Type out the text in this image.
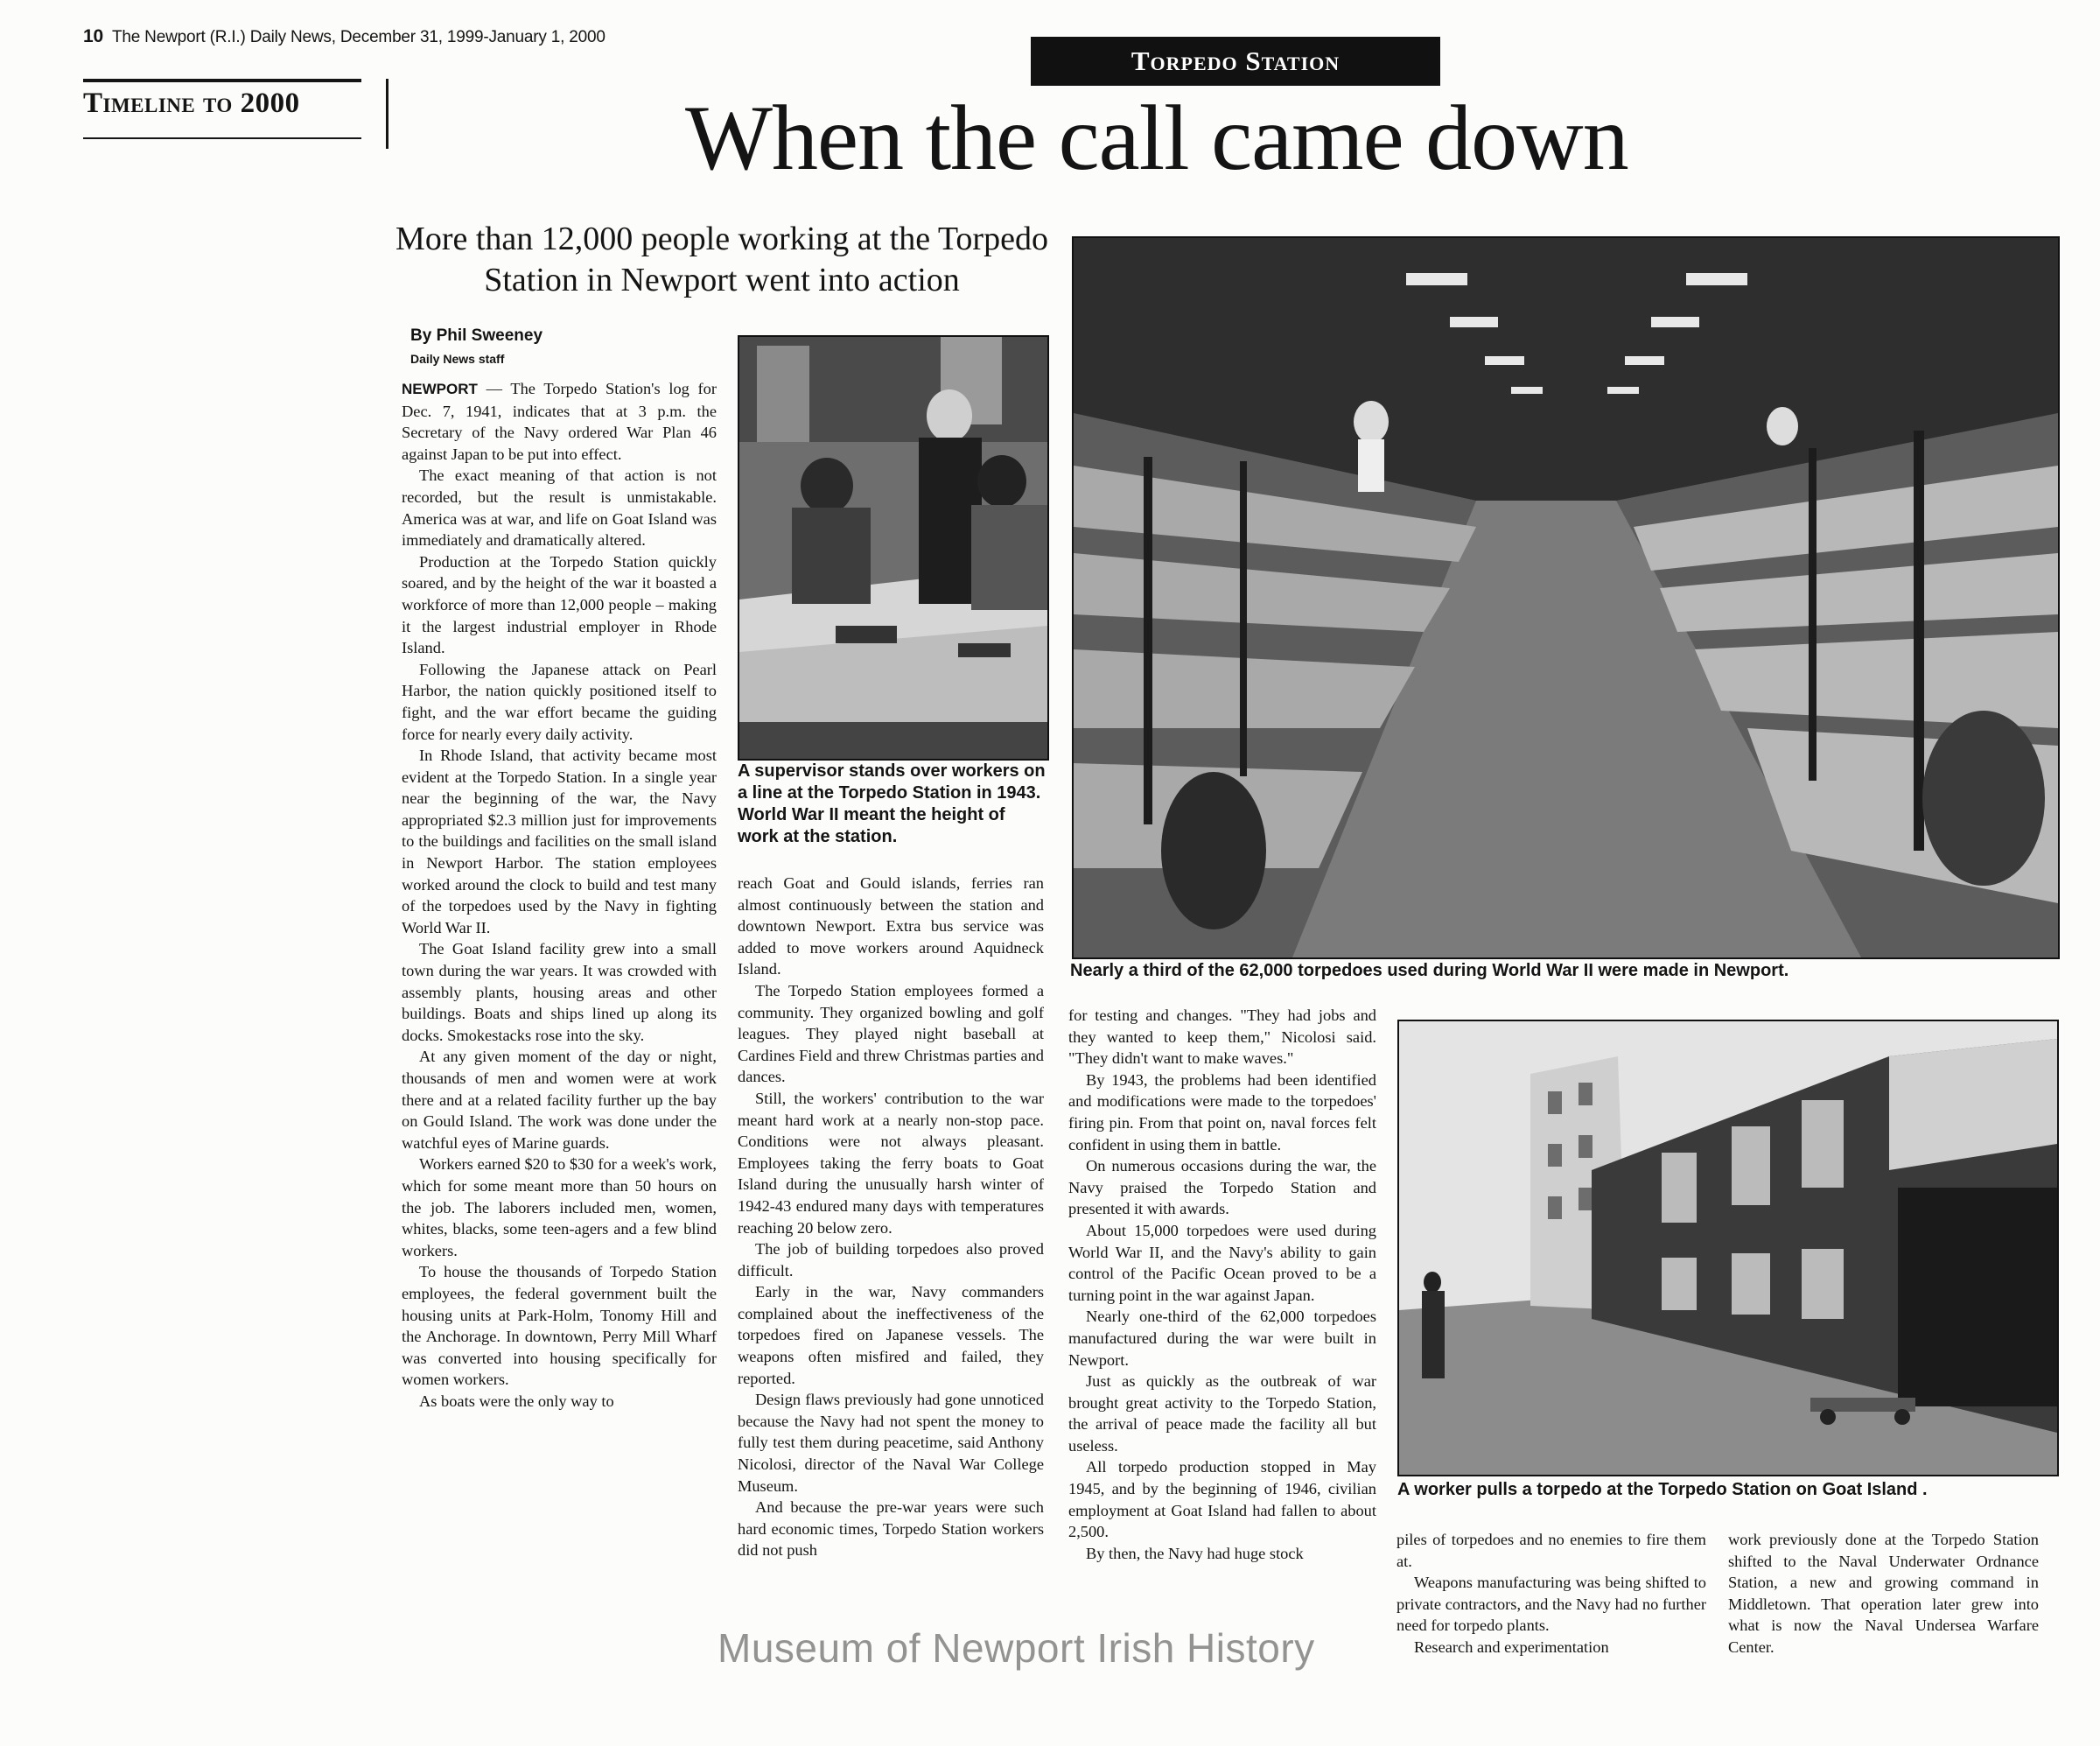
10 The Newport (R.I.) Daily News, December 31, 1999-January 1, 2000
Timeline to 2000
Torpedo Station
When the call came down
More than 12,000 people working at the Torpedo Station in Newport went into action
By Phil Sweeney
Daily News staff

NEWPORT — The Torpedo Station's log for Dec. 7, 1941, indicates that at 3 p.m. the Secretary of the Navy ordered War Plan 46 against Japan to be put into effect.

The exact meaning of that action is not recorded, but the result is unmistakable. America was at war, and life on Goat Island was immediately and dramatically altered.

Production at the Torpedo Station quickly soared, and by the height of the war it boasted a workforce of more than 12,000 people – making it the largest industrial employer in Rhode Island.

Following the Japanese attack on Pearl Harbor, the nation quickly positioned itself to fight, and the war effort became the guiding force for nearly every daily activity.

In Rhode Island, that activity became most evident at the Torpedo Station. In a single year near the beginning of the war, the Navy appropriated $2.3 million just for improvements to the buildings and facilities on the small island in Newport Harbor. The station employees worked around the clock to build and test many of the torpedoes used by the Navy in fighting World War II.

The Goat Island facility grew into a small town during the war years. It was crowded with assembly plants, housing areas and other buildings. Boats and ships lined up along its docks. Smokestacks rose into the sky.

At any given moment of the day or night, thousands of men and women were at work there and at a related facility further up the bay on Gould Island. The work was done under the watchful eyes of Marine guards.

Workers earned $20 to $30 for a week's work, which for some meant more than 50 hours on the job. The laborers included men, women, whites, blacks, some teen-agers and a few blind workers.

To house the thousands of Torpedo Station employees, the federal government built the housing units at Park-Holm, Tonomy Hill and the Anchorage. In downtown, Perry Mill Wharf was converted into housing specifically for women workers.

As boats were the only way to

A supervisor stands over workers on a line at the Torpedo Station in 1943. World War II meant the height of work at the station.
Nearly a third of the 62,000 torpedoes used during World War II were made in Newport.

reach Goat and Gould islands, ferries ran almost continuously between the station and downtown Newport. Extra bus service was added to move workers around Aquidneck Island.

The Torpedo Station employees formed a community. They organized bowling and golf leagues. They played night baseball at Cardines Field and threw Christmas parties and dances.

Still, the workers' contribution to the war meant hard work at a nearly non-stop pace. Conditions were not always pleasant. Employees taking the ferry boats to Goat Island during the unusually harsh winter of 1942-43 endured many days with temperatures reaching 20 below zero.

The job of building torpedoes also proved difficult.

Early in the war, Navy commanders complained about the ineffectiveness of the torpedoes fired on Japanese vessels. The weapons often misfired and failed, they reported.

Design flaws previously had gone unnoticed because the Navy had not spent the money to fully test them during peacetime, said Anthony Nicolosi, director of the Naval War College Museum.

And because the pre-war years were such hard economic times, Torpedo Station workers did not push

for testing and changes. "They had jobs and they wanted to keep them," Nicolosi said. "They didn't want to make waves."

By 1943, the problems had been identified and modifications were made to the torpedoes' firing pin. From that point on, naval forces felt confident in using them in battle.

On numerous occasions during the war, the Navy praised the Torpedo Station and presented it with awards.

About 15,000 torpedoes were used during World War II, and the Navy's ability to gain control of the Pacific Ocean proved to be a turning point in the war against Japan.

Nearly one-third of the 62,000 torpedoes manufactured during the war were built in Newport.

Just as quickly as the outbreak of war brought great activity to the Torpedo Station, the arrival of peace made the facility all but useless.

All torpedo production stopped in May 1945, and by the beginning of 1946, civilian employment at Goat Island had fallen to about 2,500.

By then, the Navy had huge stock

A worker pulls a torpedo at the Torpedo Station on Goat Island .

piles of torpedoes and no enemies to fire them at.

Weapons manufacturing was being shifted to private contractors, and the Navy had no further need for torpedo plants.

Research and experimentation

work previously done at the Torpedo Station shifted to the Naval Underwater Ordnance Station, a new and growing command in Middletown. That operation later grew into what is now the Naval Undersea Warfare Center.

Museum of Newport Irish History
